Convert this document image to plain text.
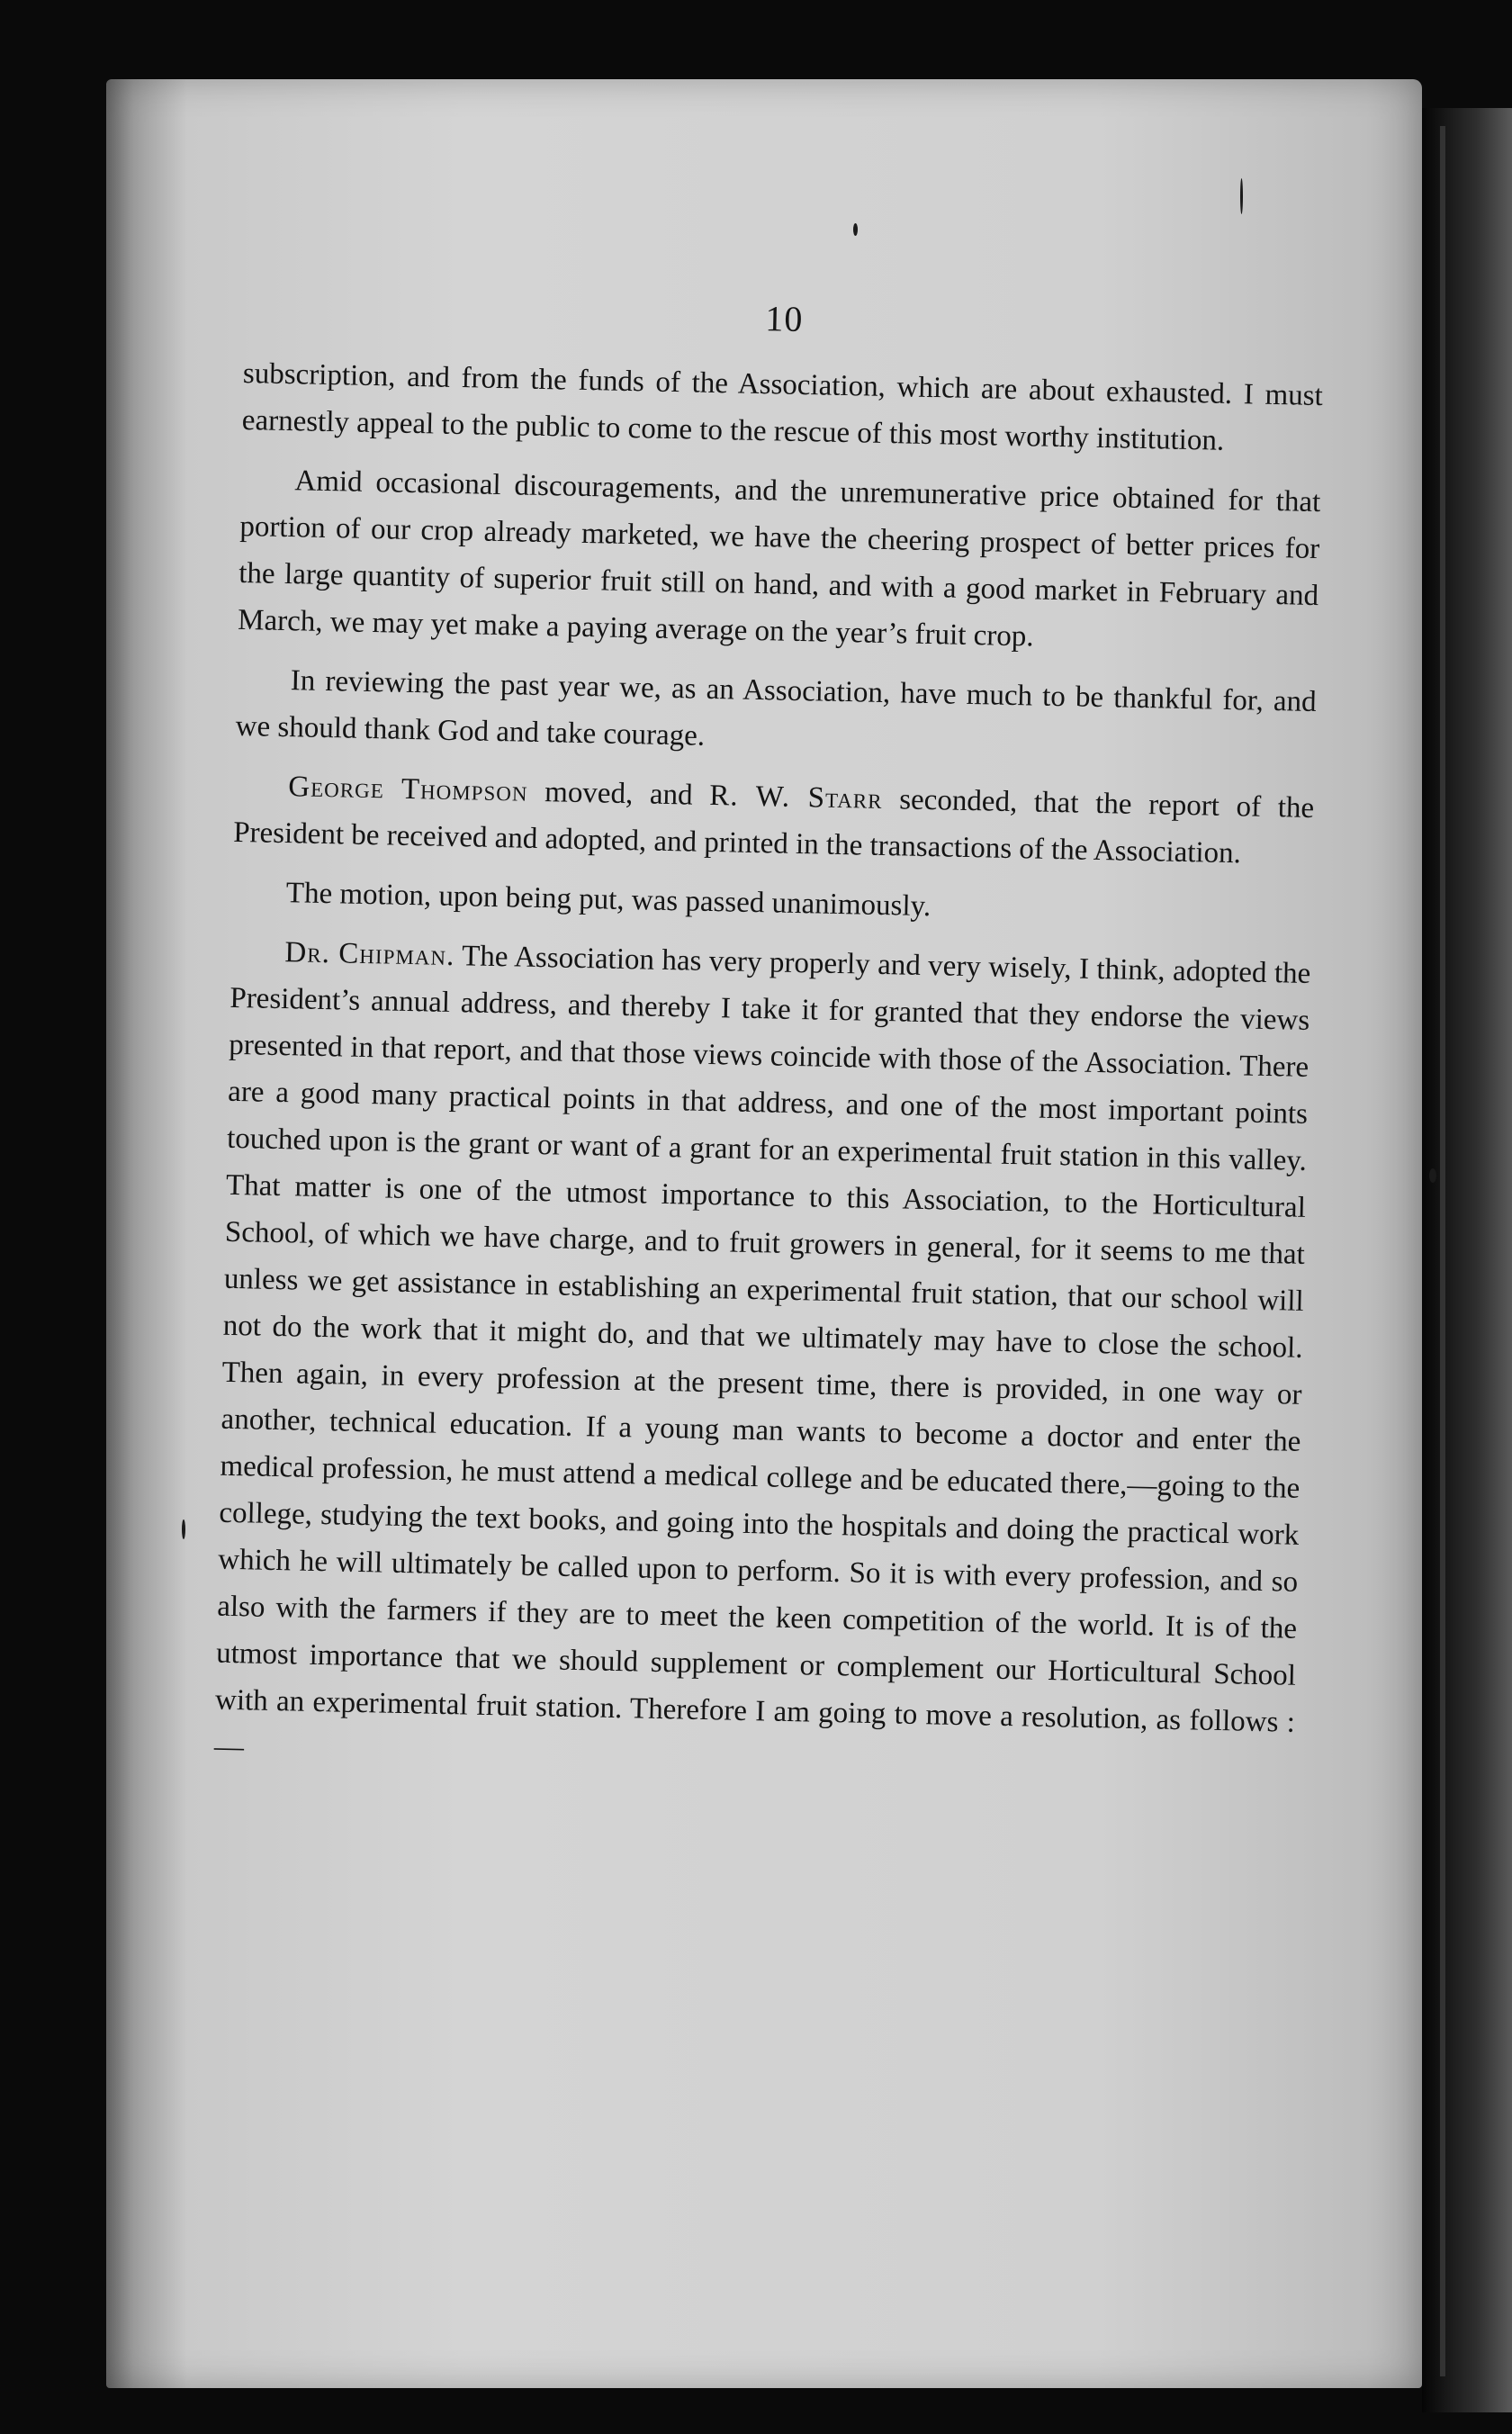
10

subscription, and from the funds of the Association, which are about exhausted. I must earnestly appeal to the public to come to the rescue of this most worthy institution.

Amid occasional discouragements, and the unremunerative price obtained for that portion of our crop already marketed, we have the cheering prospect of better prices for the large quantity of superior fruit still on hand, and with a good market in February and March, we may yet make a paying average on the year’s fruit crop.

In reviewing the past year we, as an Association, have much to be thankful for, and we should thank God and take courage.

George Thompson moved, and R. W. Starr seconded, that the report of the President be received and adopted, and printed in the transactions of the Association.

The motion, upon being put, was passed unanimously.

Dr. Chipman. The Association has very properly and very wisely, I think, adopted the President’s annual address, and thereby I take it for granted that they endorse the views presented in that report, and that those views coincide with those of the Association. There are a good many practical points in that address, and one of the most important points touched upon is the grant or want of a grant for an experimental fruit station in this valley. That matter is one of the utmost importance to this Association, to the Horticultural School, of which we have charge, and to fruit growers in general, for it seems to me that unless we get assistance in establishing an experimental fruit station, that our school will not do the work that it might do, and that we ultimately may have to close the school. Then again, in every profession at the present time, there is provided, in one way or another, technical education. If a young man wants to become a doctor and enter the medical profession, he must attend a medical college and be educated there,—going to the college, studying the text books, and going into the hospitals and doing the practical work which he will ultimately be called upon to perform. So it is with every profession, and so also with the farmers if they are to meet the keen competition of the world. It is of the utmost importance that we should supplement or complement our Horticultural School with an experimental fruit station. Therefore I am going to move a resolution, as follows :—
